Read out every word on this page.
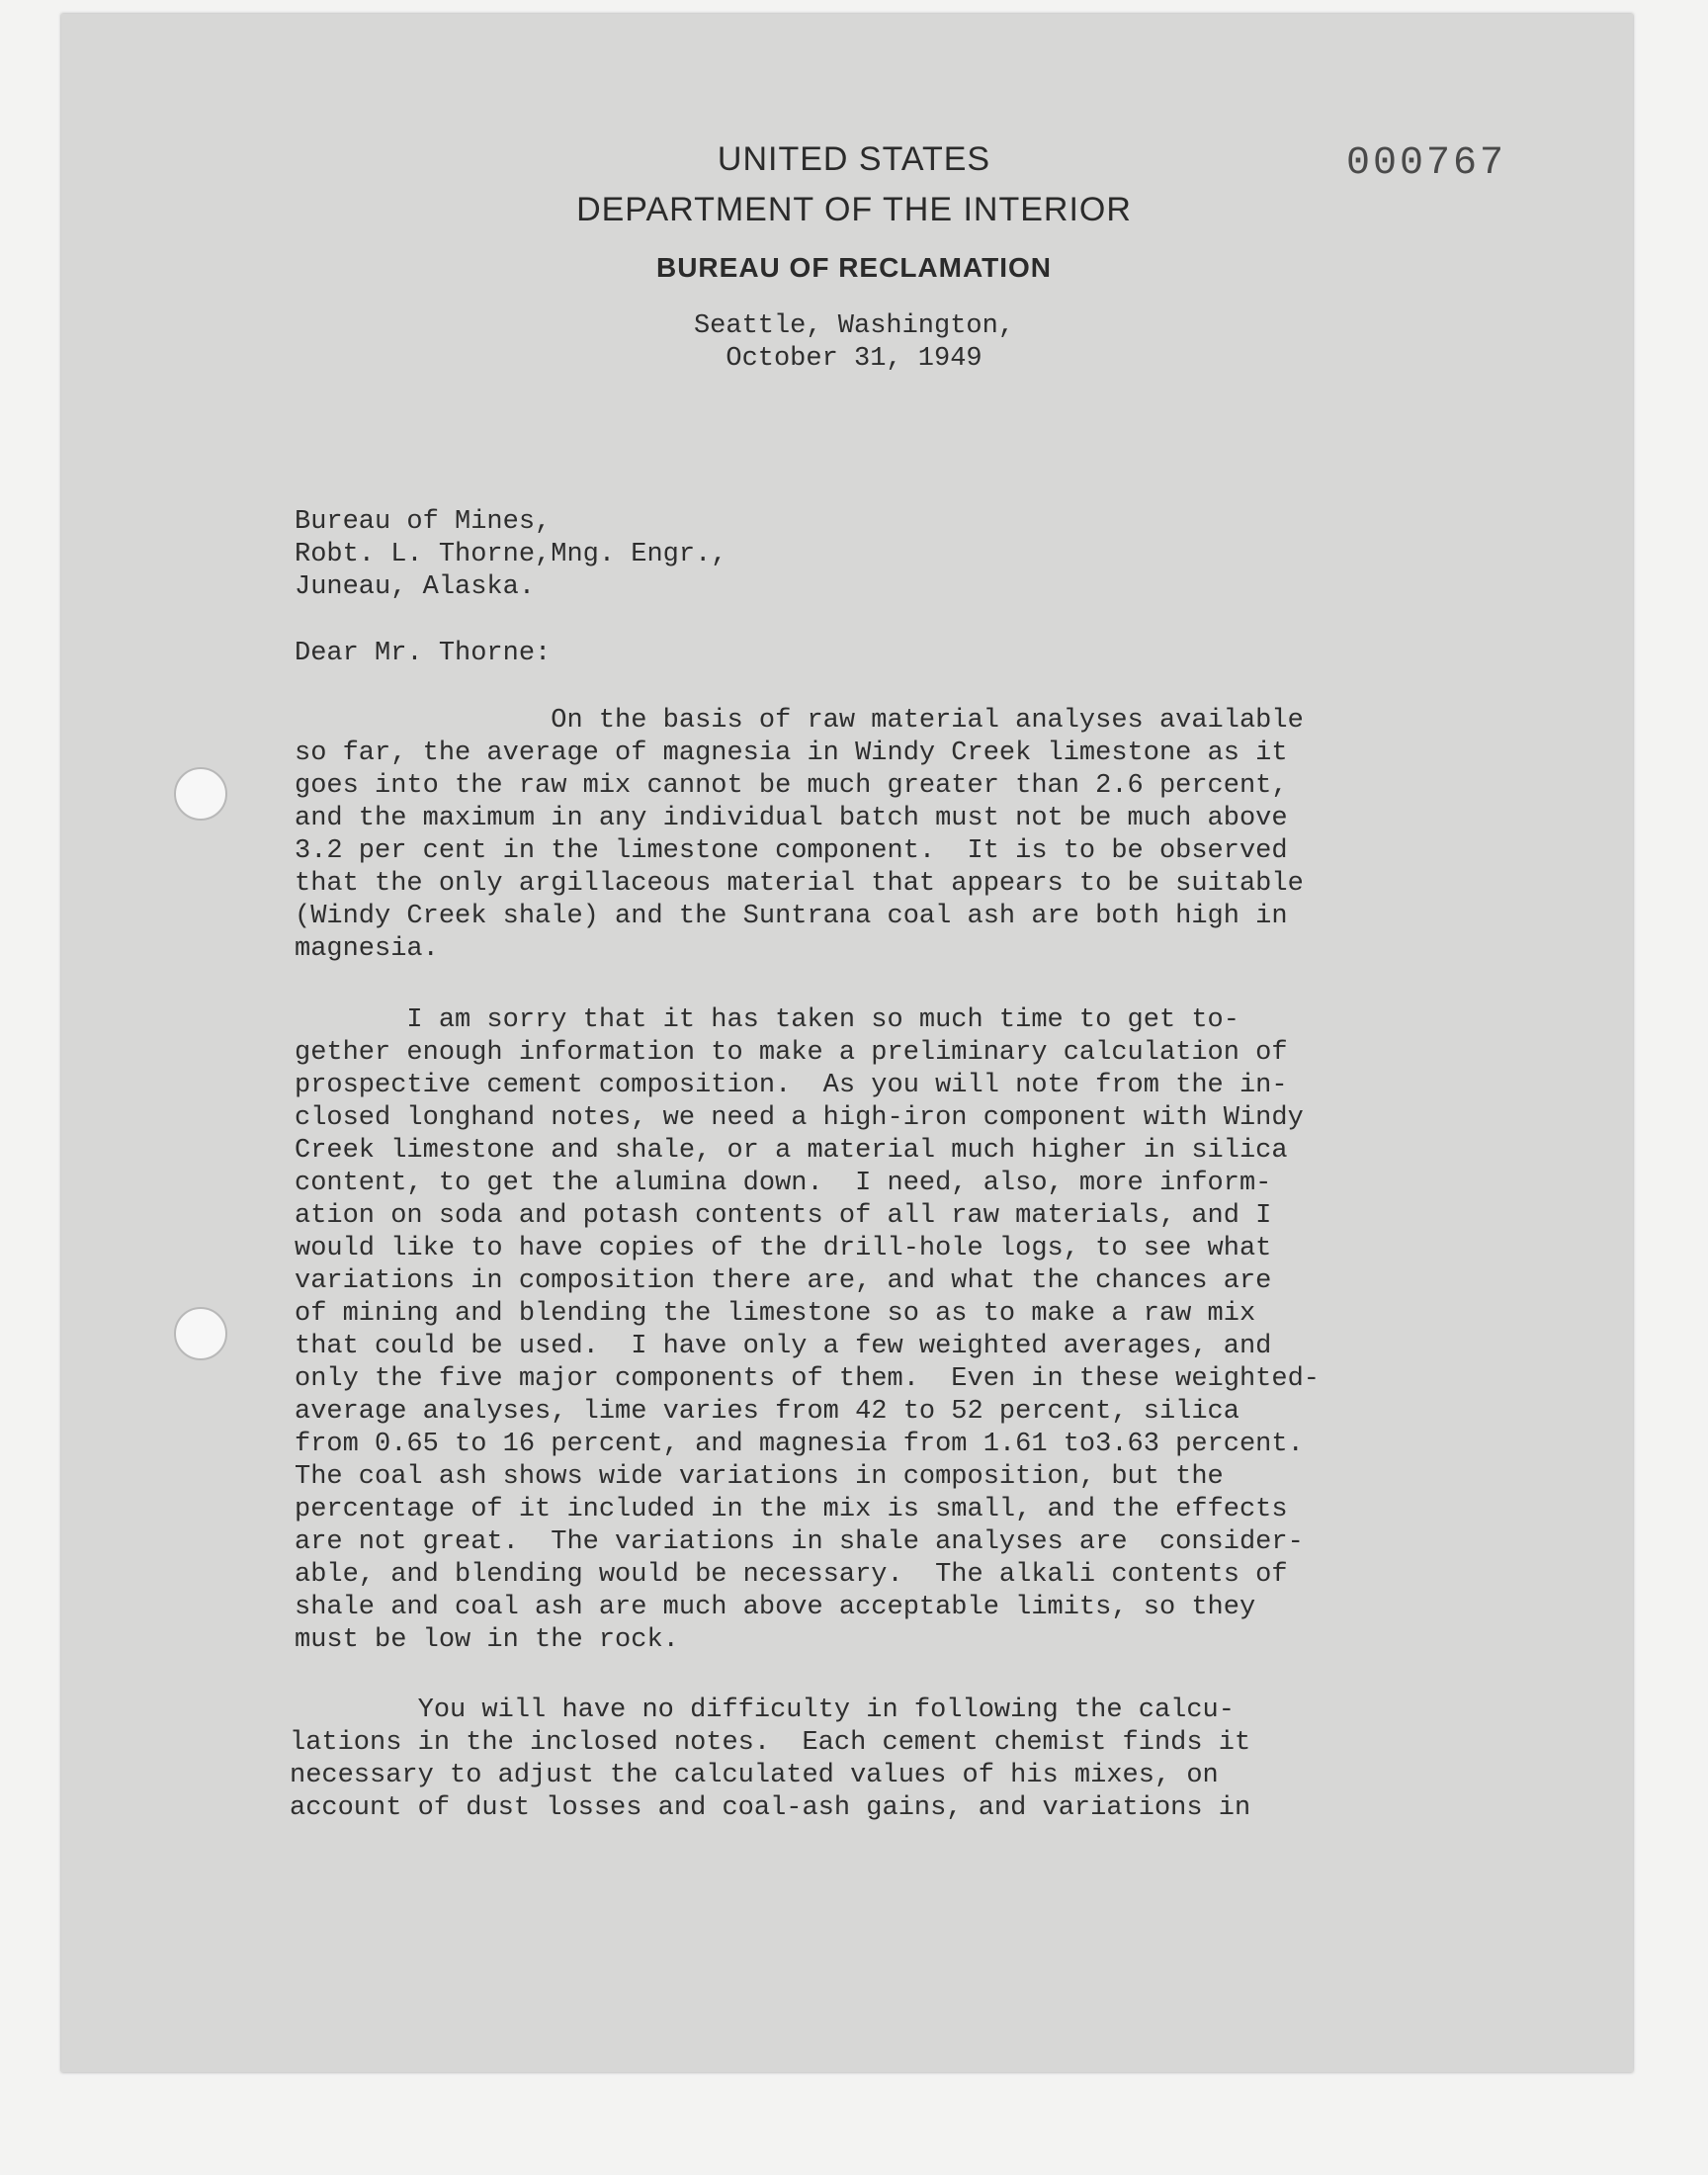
UNITED STATES
DEPARTMENT OF THE INTERIOR
BUREAU OF RECLAMATION
000767
Seattle, Washington,
October 31, 1949
Bureau of Mines,
Robt. L. Thorne,Mng. Engr.,
Juneau, Alaska.
Dear Mr. Thorne:
On the basis of raw material analyses available
so far, the average of magnesia in Windy Creek limestone as it
goes into the raw mix cannot be much greater than 2.6 percent,
and the maximum in any individual batch must not be much above
3.2 per cent in the limestone component.  It is to be observed
that the only argillaceous material that appears to be suitable
(Windy Creek shale) and the Suntrana coal ash are both high in
magnesia.
I am sorry that it has taken so much time to get to-
gether enough information to make a preliminary calculation of
prospective cement composition.  As you will note from the in-
closed longhand notes, we need a high-iron component with Windy
Creek limestone and shale, or a material much higher in silica
content, to get the alumina down.  I need, also, more inform-
ation on soda and potash contents of all raw materials, and I
would like to have copies of the drill-hole logs, to see what
variations in composition there are, and what the chances are
of mining and blending the limestone so as to make a raw mix
that could be used.  I have only a few weighted averages, and
only the five major components of them.  Even in these weighted-
average analyses, lime varies from 42 to 52 percent, silica
from 0.65 to 16 percent, and magnesia from 1.61 to3.63 percent.
The coal ash shows wide variations in composition, but the
percentage of it included in the mix is small, and the effects
are not great.  The variations in shale analyses are  consider-
able, and blending would be necessary.  The alkali contents of
shale and coal ash are much above acceptable limits, so they
must be low in the rock.
You will have no difficulty in following the calcu-
lations in the inclosed notes.  Each cement chemist finds it
necessary to adjust the calculated values of his mixes, on
account of dust losses and coal-ash gains, and variations in
